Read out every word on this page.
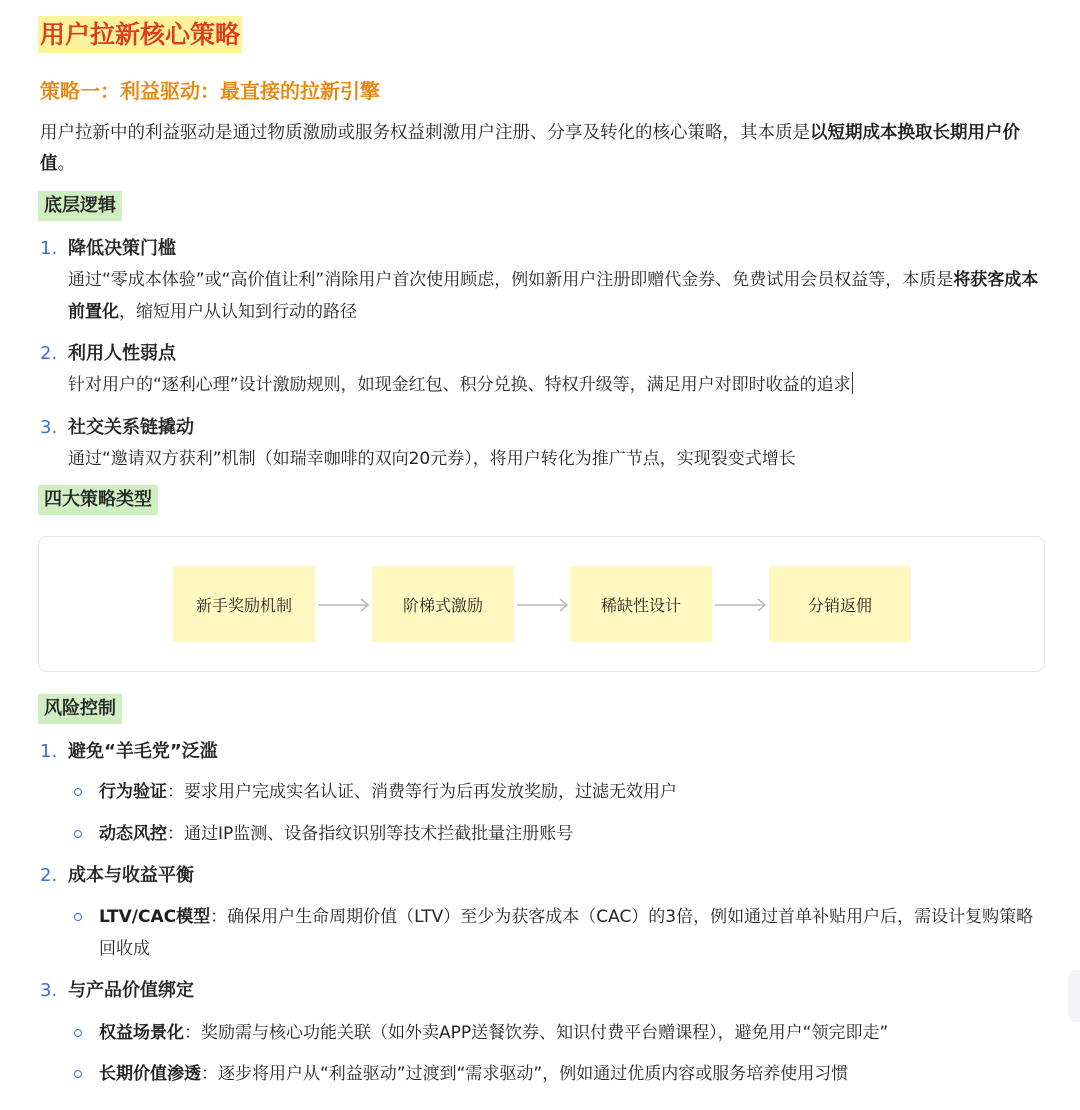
用户拉新核心策略
策略一：利益驱动：最直接的拉新引擎
用户拉新中的利益驱动是通过物质激励或服务权益刺激用户注册、分享及转化的核心策略，其本质是以短期成本换取长期用户价值。
底层逻辑
1. 降低决策门槛
通过“零成本体验”或“高价值让利”消除用户首次使用顾虑，例如新用户注册即赠代金券、免费试用会员权益等，本质是将获客成本前置化，缩短用户从认知到行动的路径
2. 利用人性弱点
针对用户的“逐利心理”设计激励规则，如现金红包、积分兑换、特权升级等，满足用户对即时收益的追求
3. 社交关系链撬动
通过“邀请双方获利”机制（如瑞幸咖啡的双向20元券），将用户转化为推广节点，实现裂变式增长
四大策略类型
新手奖励机制	阶梯式激励	稀缺性设计	分销返佣
风险控制
1. 避免“羊毛党”泛滥
行为验证：要求用户完成实名认证、消费等行为后再发放奖励，过滤无效用户
动态风控：通过IP监测、设备指纹识别等技术拦截批量注册账号
2. 成本与收益平衡
LTV/CAC模型：确保用户生命周期价值（LTV）至少为获客成本（CAC）的3倍，例如通过首单补贴用户后，需设计复购策略回收成
3. 与产品价值绑定
权益场景化：奖励需与核心功能关联（如外卖APP送餐饮券、知识付费平台赠课程），避免用户“领完即走”
长期价值渗透：逐步将用户从“利益驱动”过渡到“需求驱动”，例如通过优质内容或服务培养使用习惯
